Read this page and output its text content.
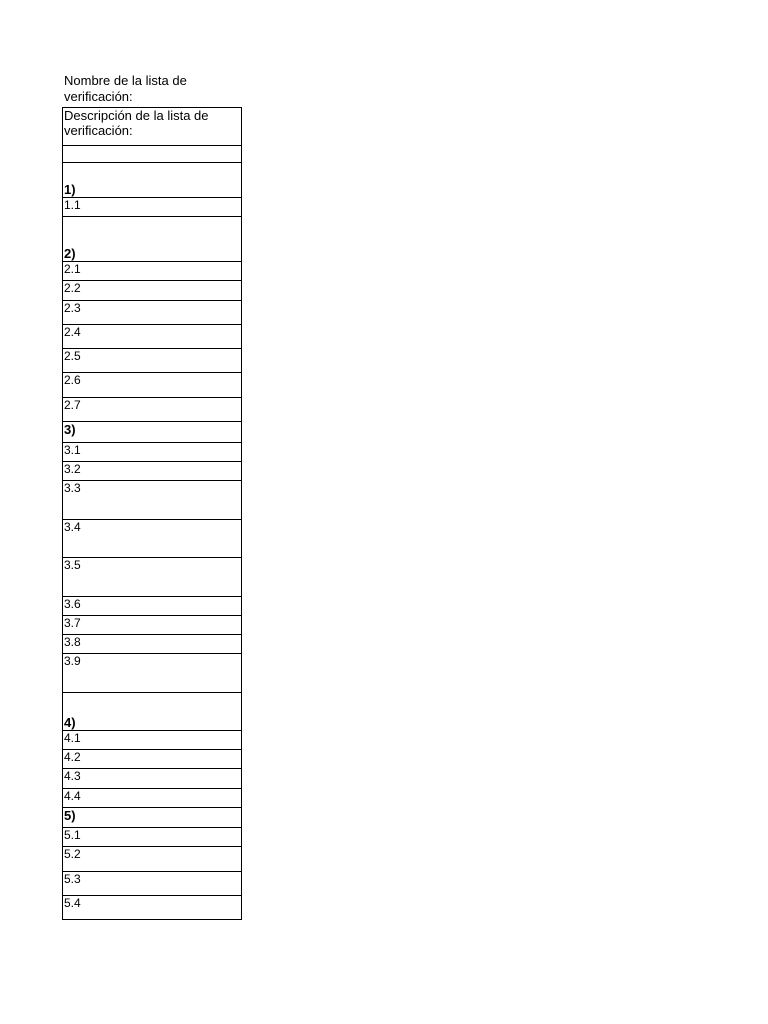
Nombre de la lista de verificación:
Descripción de la lista de verificación:
1)
1.1
2)
2.1
2.2
2.3
2.4
2.5
2.6
2.7
3)
3.1
3.2
3.3
3.4
3.5
3.6
3.7
3.8
3.9
4)
4.1
4.2
4.3
4.4
5)
5.1
5.2
5.3
5.4
